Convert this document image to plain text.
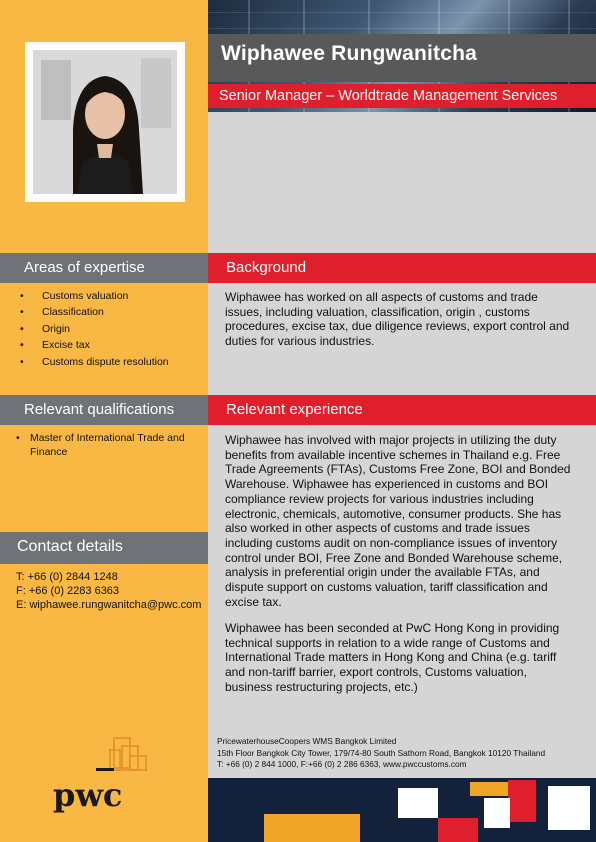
Wiphawee Rungwanitcha
Senior Manager – Worldtrade Management Services
Areas of expertise	Background
• Customs valuation
• Classification
• Origin
• Excise tax
• Customs dispute resolution

Wiphawee has worked on all aspects of customs and trade issues, including valuation, classification, origin , customs procedures, excise tax, due diligence reviews, export control and duties for various industries.

Relevant qualifications	Relevant experience
• Master of International Trade and Finance

Wiphawee has involved with major projects in utilizing the duty benefits from available incentive schemes in Thailand e.g. Free Trade Agreements (FTAs), Customs Free Zone, BOI and Bonded Warehouse. Wiphawee has experienced in customs and BOI compliance review projects for various industries including electronic, chemicals, automotive, consumer products. She has also worked in other aspects of customs and trade issues including customs audit on non-compliance issues of inventory control under BOI, Free Zone and Bonded Warehouse scheme, analysis in preferential origin under the available FTAs, and dispute support on customs valuation, tariff classification and excise tax.

Wiphawee has been seconded at PwC Hong Kong in providing technical supports in relation to a wide range of Customs and International Trade matters in Hong Kong and China (e.g. tariff and non-tariff barrier, export controls, Customs valuation, business restructuring projects, etc.)

Contact details
T: +66 (0) 2844 1248
F: +66 (0) 2283 6363
E: wiphawee.rungwanitcha@pwc.com
PricewaterhouseCoopers WMS Bangkok Limited
15th Floor Bangkok City Tower, 179/74-80 South Sathorn Road, Bangkok 10120 Thailand
T: +66 (0) 2 844 1000, F:+66 (0) 2 286 6363, www.pwccustoms.com
pwc
